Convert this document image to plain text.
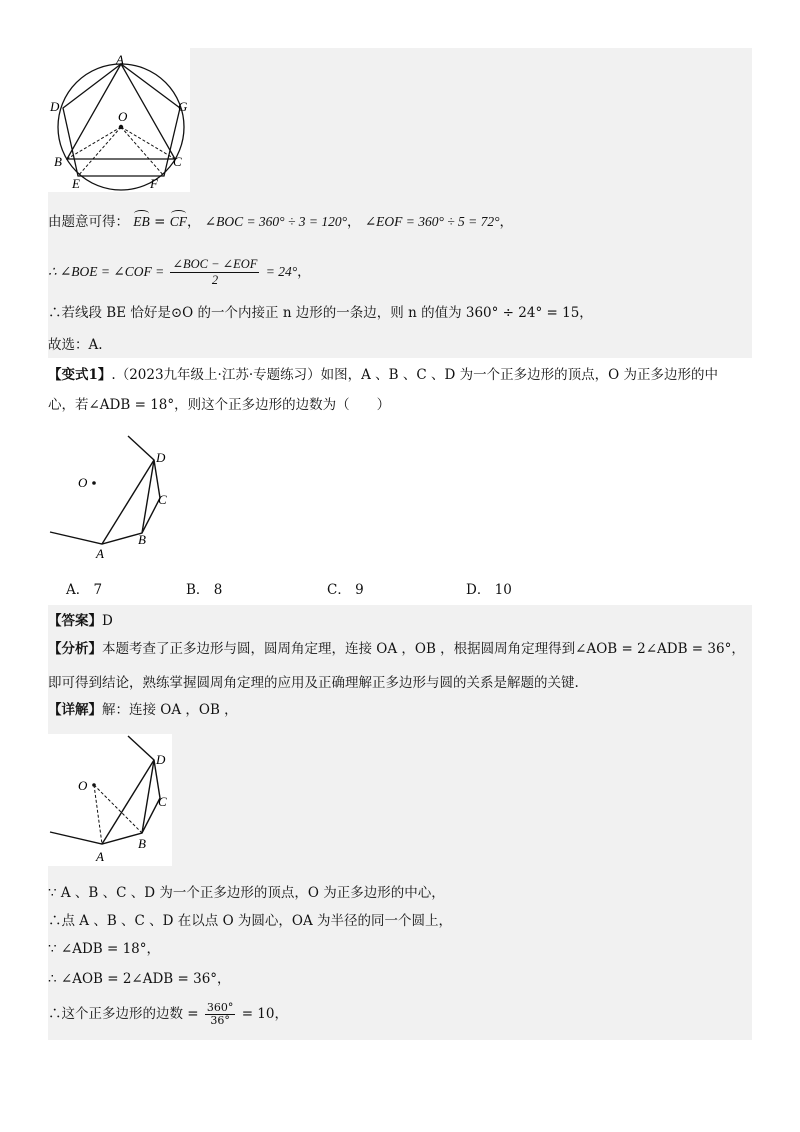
A
D	G
O
B	C
E	F
由题意可得： EB = CF， ∠BOC = 360° ÷ 3 = 120°， ∠EOF = 360° ÷ 5 = 72°，
∴ ∠BOE = ∠COF = $\frac{\text{∠BOC − ∠EOF}}{2} = 24^\circ$，
∴若线段 BE 恰好是⊙O 的一个内接正 n 边形的一条边，则 n 的值为 360° ÷ 24° = 15，
故选：A.
【变式1】.（2023九年级上·江苏·专题练习）如图，A 、B 、C 、D 为一个正多边形的顶点，O 为正多边形的中
心，若∠ADB = 18°，则这个正多边形的边数为（　　）
D
O
C
B
A
A． 7	B． 8	C． 9	D． 10
【答案】D
【分析】本题考查了正多边形与圆，圆周角定理，连接 OA ，OB ，根据圆周角定理得到∠AOB = 2∠ADB = 36°，
即可得到结论，熟练掌握圆周角定理的应用及正确理解正多边形与圆的关系是解题的关键.
【详解】解：连接 OA ，OB ，
D
O
C
B
A
∵ A 、B 、C 、D 为一个正多边形的顶点，O 为正多边形的中心，
∴点 A 、B 、C 、D 在以点 O 为圆心，OA 为半径的同一个圆上，
∵ ∠ADB = 18°，
∴ ∠AOB = 2∠ADB = 36°，
∴这个正多边形的边数 = $\frac{360^\circ}{36^\circ} = 10$，
